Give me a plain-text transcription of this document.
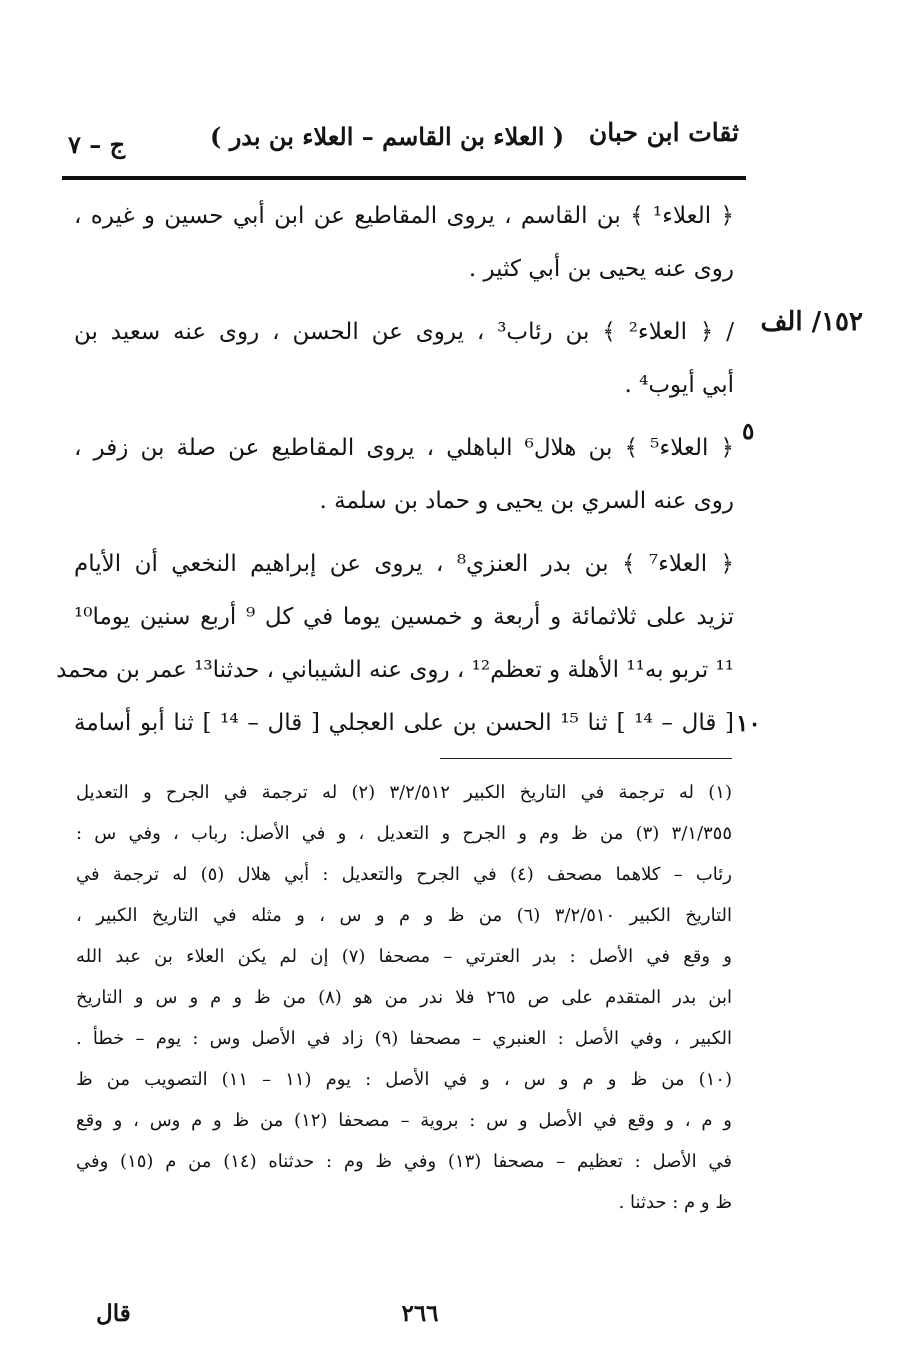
ثقات ابن حبان
( العلاء بن القاسم – العلاء بن بدر )
ج – ٧
١٥٢/ الف
٥
١٠
﴿ العلاء¹ ﴾ بن القاسم ، يروى المقاطيع عن ابن أبي حسين و غيره ،
روى عنه يحيى بن أبي كثير .
/ ﴿ العلاء² ﴾ بن رئاب³ ، يروى عن الحسن ، روى عنه سعيد بن
أبي أيوب⁴ .
﴿ العلاء⁵ ﴾ بن هلال⁶ الباهلي ، يروى المقاطيع عن صلة بن زفر ،
روى عنه السري بن يحيى و حماد بن سلمة .
﴿ العلاء⁷ ﴾ بن بدر العنزي⁸ ، يروى عن إبراهيم النخعي أن الأيام
تزيد على ثلاثمائة و أربعة و خمسين يوما في كل ⁹ أربع سنين يوما¹⁰
¹¹ تربو به¹¹ الأهلة و تعظم¹² ، روى عنه الشيباني ، حدثنا¹³ عمر بن محمد
[ قال – ¹⁴ ] ثنا ¹⁵ الحسن بن على العجلي [ قال – ¹⁴ ] ثنا أبو أسامة
(١) له ترجمة في التاريخ الكبير ٣/٢/٥١٢ (٢) له ترجمة في الجرح و التعديل
٣/١/٣٥٥ (٣) من ظ وم و الجرح و التعديل ، و في الأصل: رباب ، وفي س :
رئاب – كلاهما مصحف (٤) في الجرح والتعديل : أبي هلال (٥) له ترجمة في
التاريخ الكبير ٣/٢/٥١٠ (٦) من ظ و م و س ، و مثله في التاريخ الكبير ،
و وقع في الأصل : بدر العترتي – مصحفا (٧) إن لم يكن العلاء بن عبد الله
ابن بدر المتقدم على ص ٢٦٥ فلا ندر من هو (٨) من ظ و م و س و التاريخ
الكبير ، وفي الأصل : العنبري – مصحفا (٩) زاد في الأصل وس : يوم – خطأ .
(١٠) من ظ و م و س ، و في الأصل : يوم (١١ – ١١) التصويب من ظ
و م ، و وقع في الأصل و س : بروية – مصحفا (١٢) من ظ و م وس ، و وقع
في الأصل : تعظيم – مصحفا (١٣) وفي ظ وم : حدثناه (١٤) من م (١٥) وفي
ظ و م : حدثنا .
٢٦٦
قال
